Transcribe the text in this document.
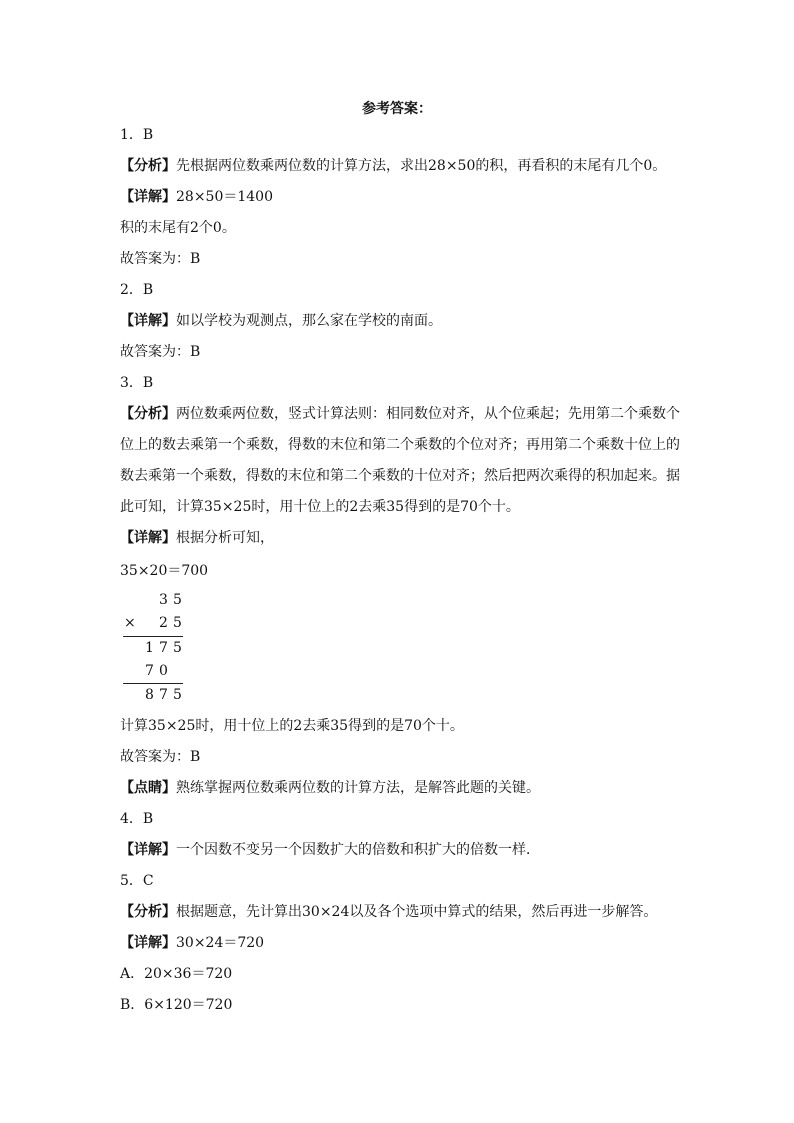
参考答案：
1．B
【分析】先根据两位数乘两位数的计算方法，求出28×50的积，再看积的末尾有几个0。
【详解】28×50＝1400
积的末尾有2个0。
故答案为：B
2．B
【详解】如以学校为观测点，那么家在学校的南面。
故答案为：B
3．B
【分析】两位数乘两位数，竖式计算法则：相同数位对齐，从个位乘起；先用第二个乘数个
位上的数去乘第一个乘数，得数的末位和第二个乘数的个位对齐；再用第二个乘数十位上的
数去乘第一个乘数，得数的末位和第二个乘数的十位对齐；然后把两次乘得的积加起来。据
此可知，计算35×25时，用十位上的2去乘35得到的是70个十。
【详解】根据分析可知，
35×20＝700
3 5
× 2 5
1 7 5
7 0
8 7 5
计算35×25时，用十位上的2去乘35得到的是70个十。
故答案为：B
【点睛】熟练掌握两位数乘两位数的计算方法，是解答此题的关键。
4．B
【详解】一个因数不变另一个因数扩大的倍数和积扩大的倍数一样．
5．C
【分析】根据题意，先计算出30×24以及各个选项中算式的结果，然后再进一步解答。
【详解】30×24＝720
A．20×36＝720
B．6×120＝720
